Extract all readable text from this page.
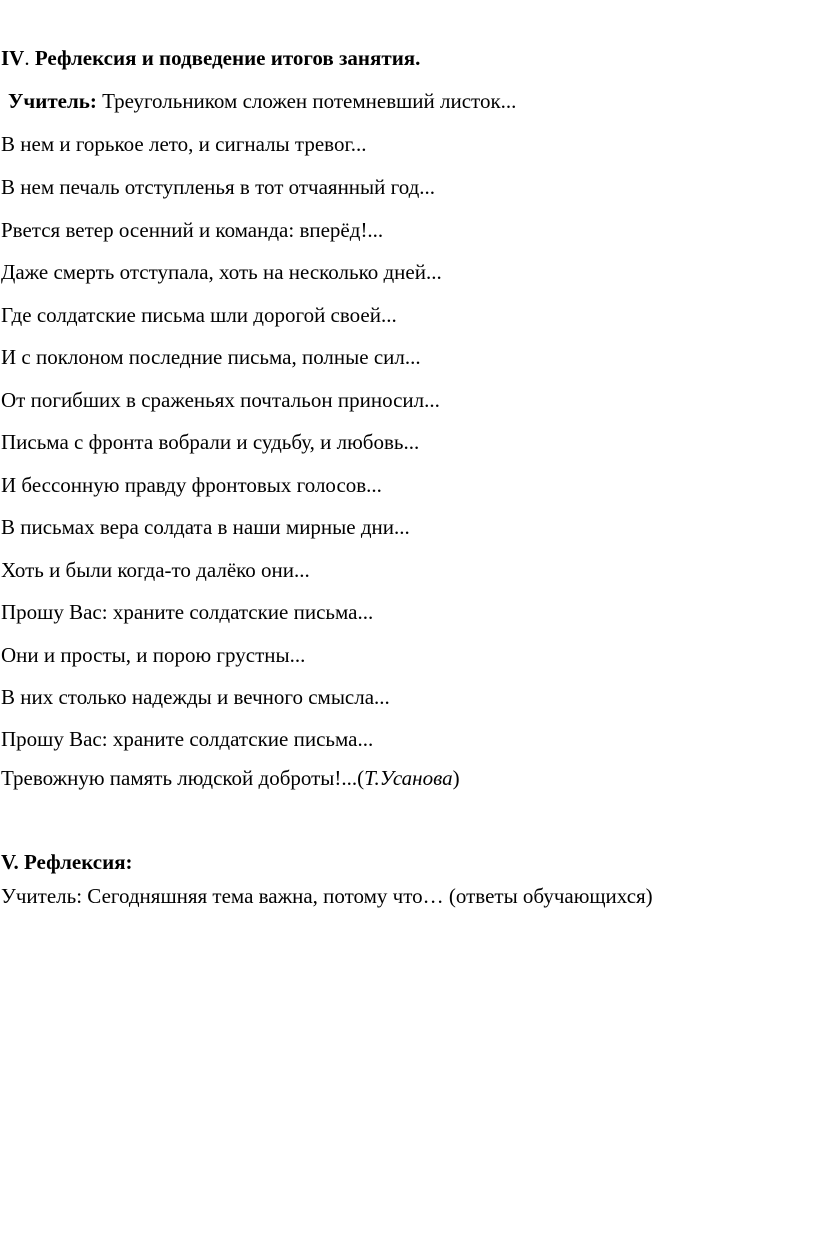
IV. Рефлексия и подведение итогов занятия.
Учитель: Треугольником сложен потемневший листок...
В нем и горькое лето, и сигналы тревог...
В нем печаль отступленья в тот отчаянный год...
Рвется ветер осенний и команда: вперёд!...
Даже смерть отступала, хоть на несколько дней...
Где солдатские письма шли дорогой своей...
И с поклоном последние письма, полные сил...
От погибших в сраженьях почтальон приносил...
Письма с фронта вобрали и судьбу, и любовь...
И бессонную правду фронтовых голосов...
В письмах вера солдата в наши мирные дни...
Хоть и были когда-то далёко они...
Прошу Вас: храните солдатские письма...
Они и просты, и порою грустны...
В них столько надежды и вечного смысла...
Прошу Вас: храните солдатские письма...
Тревожную память людской доброты!...(Т.Усанова)
V. Рефлексия:
Учитель: Сегодняшняя тема важна, потому что… (ответы обучающихся)
